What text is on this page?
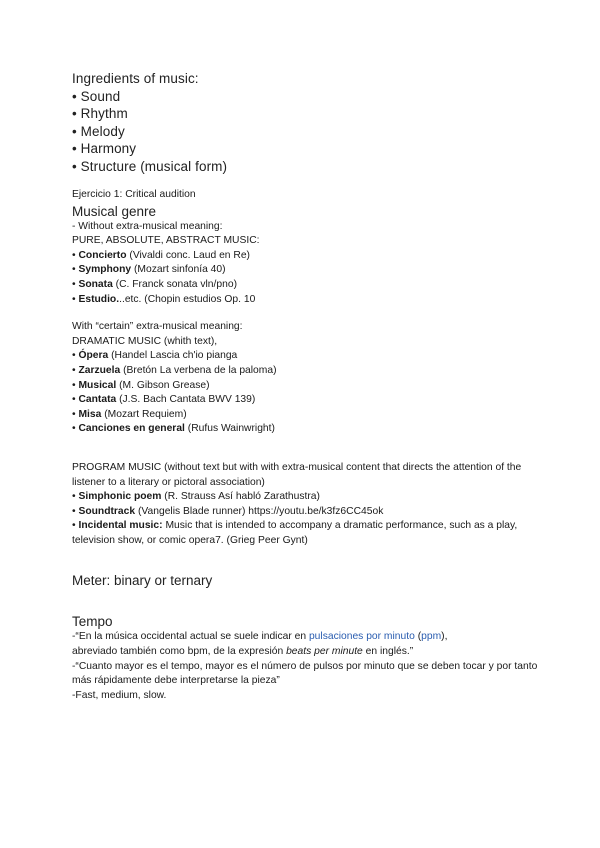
Ingredients of music:
• Sound
• Rhythm
• Melody
• Harmony
• Structure (musical form)
Ejercicio 1: Critical audition
Musical genre
- Without extra-musical meaning:
PURE, ABSOLUTE, ABSTRACT MUSIC:
• Concierto (Vivaldi conc. Laud en Re)
• Symphony (Mozart sinfonía 40)
• Sonata (C. Franck sonata vln/pno)
• Estudio...etc. (Chopin estudios Op. 10
With “certain” extra-musical meaning:
DRAMATIC MUSIC (whith text),
• Ópera (Handel Lascia ch'io pianga
• Zarzuela (Bretón La verbena de la paloma)
• Musical (M. Gibson Grease)
• Cantata (J.S. Bach Cantata BWV 139)
• Misa (Mozart Requiem)
• Canciones en general (Rufus Wainwright)
PROGRAM MUSIC (without text but with with extra-musical content that directs the attention of the listener to a literary or pictoral association)
• Simphonic poem (R. Strauss Así habló Zarathustra)
• Soundtrack (Vangelis Blade runner) https://youtu.be/k3fz6CC45ok
• Incidental music: Music that is intended to accompany a dramatic performance, such as a play, television show, or comic opera7. (Grieg Peer Gynt)
Meter: binary or ternary
Tempo
-“En la música occidental actual se suele indicar en pulsaciones por minuto (ppm),
abreviado también como bpm, de la expresión beats per minute en inglés.”
-“Cuanto mayor es el tempo, mayor es el número de pulsos por minuto que se deben tocar y por tanto más rápidamente debe interpretarse la pieza”
-Fast, medium, slow.
